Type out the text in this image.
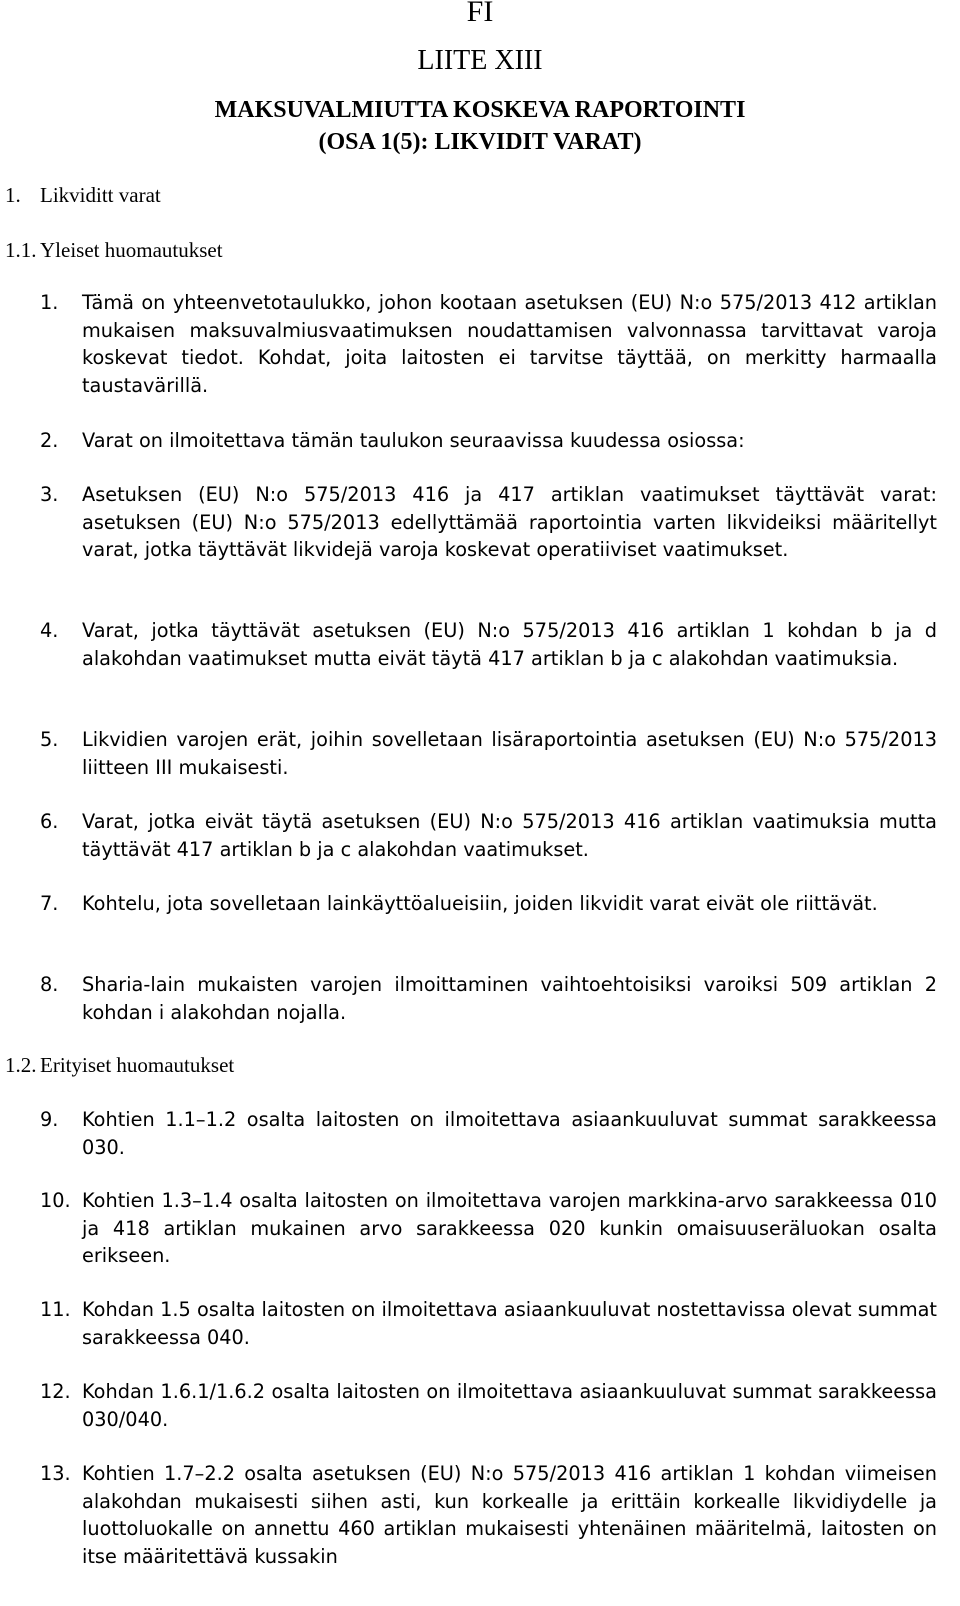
FI
LIITE XIII
MAKSUVALMIUTTA KOSKEVA RAPORTOINTI
(OSA 1(5): LIKVIDIT VARAT)
1. Likviditt varat
1.1. Yleiset huomautukset
1. Tämä on yhteenvetotaulukko, johon kootaan asetuksen (EU) N:o 575/2013 412 artiklan mukaisen maksuvalmiusvaatimuksen noudattamisen valvonnassa tarvittavat varoja koskevat tiedot. Kohdat, joita laitosten ei tarvitse täyttää, on merkitty harmaalla taustavärillä.
2. Varat on ilmoitettava tämän taulukon seuraavissa kuudessa osiossa:
3. Asetuksen (EU) N:o 575/2013 416 ja 417 artiklan vaatimukset täyttävät varat: asetuksen (EU) N:o 575/2013 edellyttämää raportointia varten likvideiksi määritellyt varat, jotka täyttävät likvidejä varoja koskevat operatiiviset vaatimukset.
4. Varat, jotka täyttävät asetuksen (EU) N:o 575/2013 416 artiklan 1 kohdan b ja d alakohdan vaatimukset mutta eivät täytä 417 artiklan b ja c alakohdan vaatimuksia.
5. Likvidien varojen erät, joihin sovelletaan lisäraportointia asetuksen (EU) N:o 575/2013 liitteen III mukaisesti.
6. Varat, jotka eivät täytä asetuksen (EU) N:o 575/2013 416 artiklan vaatimuksia mutta täyttävät 417 artiklan b ja c alakohdan vaatimukset.
7. Kohtelu, jota sovelletaan lainkäyttöalueisiin, joiden likvidit varat eivät ole riittävät.
8. Sharia-lain mukaisten varojen ilmoittaminen vaihtoehtoisiksi varoiksi 509 artiklan 2 kohdan i alakohdan nojalla.
1.2. Erityiset huomautukset
9. Kohtien 1.1–1.2 osalta laitosten on ilmoitettava asiaankuuluvat summat sarakkeessa 030.
10. Kohtien 1.3–1.4 osalta laitosten on ilmoitettava varojen markkina-arvo sarakkeessa 010 ja 418 artiklan mukainen arvo sarakkeessa 020 kunkin omaisuuseräluokan osalta erikseen.
11. Kohdan 1.5 osalta laitosten on ilmoitettava asiaankuuluvat nostettavissa olevat summat sarakkeessa 040.
12. Kohdan 1.6.1/1.6.2 osalta laitosten on ilmoitettava asiaankuuluvat summat sarakkeessa 030/040.
13. Kohtien 1.7–2.2 osalta asetuksen (EU) N:o 575/2013 416 artiklan 1 kohdan viimeisen alakohdan mukaisesti siihen asti, kun korkealle ja erittäin korkealle likvidiydelle ja luottoluokalle on annettu 460 artiklan mukaisesti yhtenäinen määritelmä, laitosten on itse määritettävä kussakin
